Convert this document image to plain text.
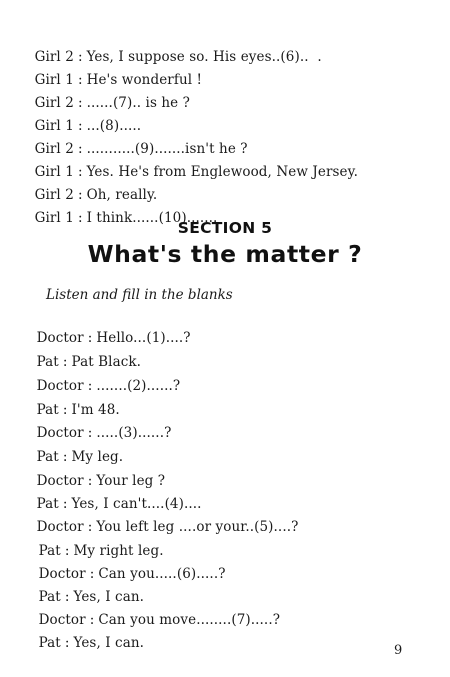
Girl 2 : Yes, I suppose so. His eyes..(6)..  .

Girl 1 : He's wonderful !

Girl 2 : ......(7).. is he ?

Girl 1 : ...(8).....

Girl 2 : ...........(9).......isn't he ?

Girl 1 : Yes. He's from Englewood, New Jersey.

Girl 2 : Oh, really.

Girl 1 : I think......(10).......

SECTION 5
What's the matter ?
Listen and fill in the blanks

Doctor : Hello...(1)....?

Pat : Pat Black.

Doctor : .......(2)......?

Pat : I'm 48.

Doctor : .....(3)......?

Pat : My leg.

Doctor : Your leg ?

Pat : Yes, I can't....(4)....

Doctor : You left leg ....or your..(5)....?

Pat : My right leg.

Doctor : Can you.....(6).....?

Pat : Yes, I can.

Doctor : Can you move........(7).....?

Pat : Yes, I can.
	9
